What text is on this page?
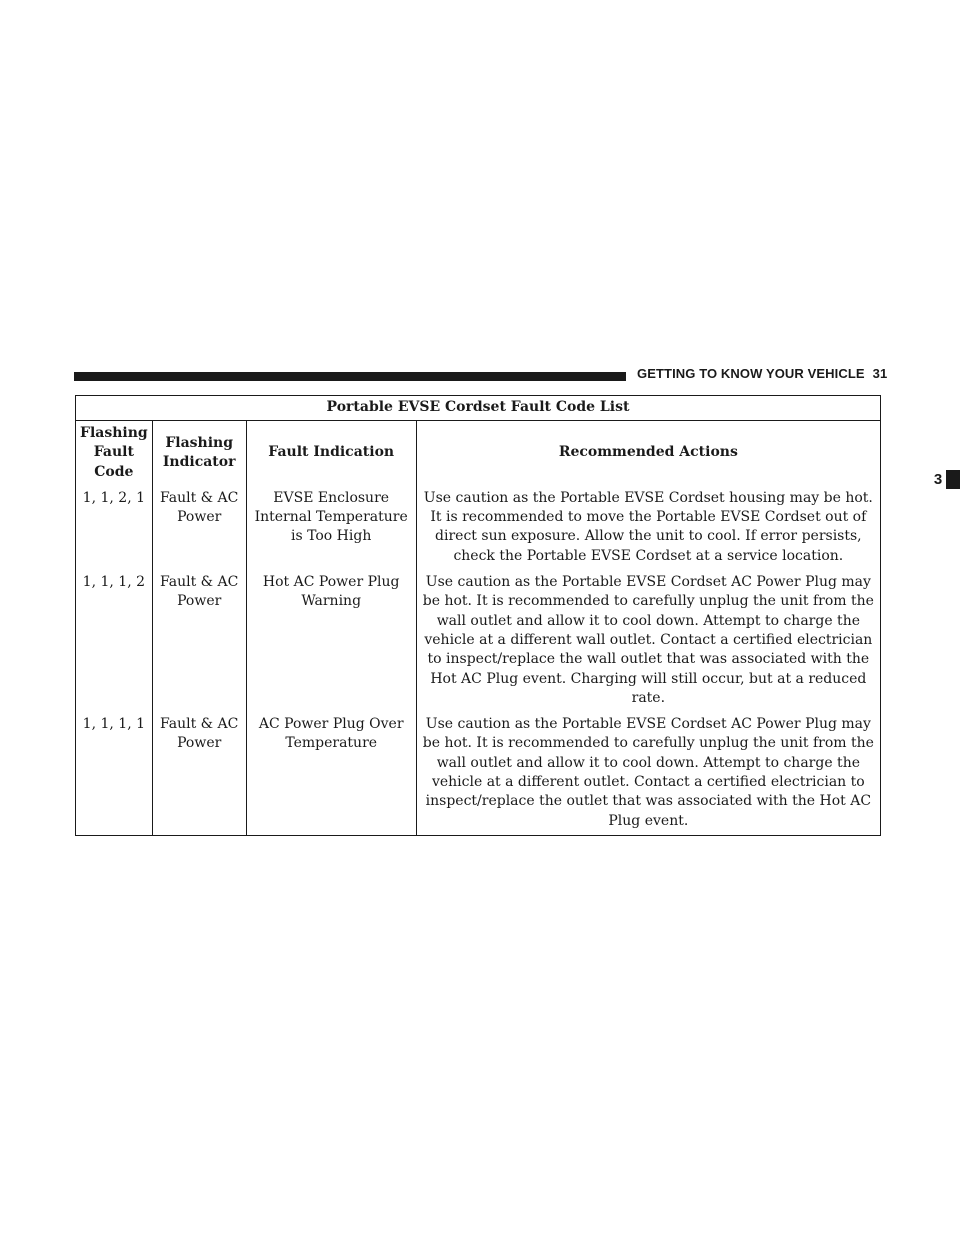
GETTING TO KNOW YOUR VEHICLE 31
3
Portable EVSE Cordset Fault Code List			
Flashing Fault Code	Flashing Indicator	Fault Indication	Recommended Actions
1, 1, 2, 1	Fault & AC Power	EVSE Enclosure Internal Temperature is Too High	Use caution as the Portable EVSE Cordset housing may be hot. It is recommended to move the Portable EVSE Cordset out of direct sun exposure. Allow the unit to cool. If error persists, check the Portable EVSE Cordset at a service location.
1, 1, 1, 2	Fault & AC Power	Hot AC Power Plug Warning	Use caution as the Portable EVSE Cordset AC Power Plug may be hot. It is recommended to carefully unplug the unit from the wall outlet and allow it to cool down. Attempt to charge the vehicle at a different wall outlet. Contact a certified electrician to inspect/replace the wall outlet that was associated with the Hot AC Plug event. Charging will still occur, but at a reduced rate.
1, 1, 1, 1	Fault & AC Power	AC Power Plug Over Temperature	Use caution as the Portable EVSE Cordset AC Power Plug may be hot. It is recommended to carefully unplug the unit from the wall outlet and allow it to cool down. Attempt to charge the vehicle at a different outlet. Contact a certified electrician to inspect/replace the outlet that was associated with the Hot AC Plug event.
